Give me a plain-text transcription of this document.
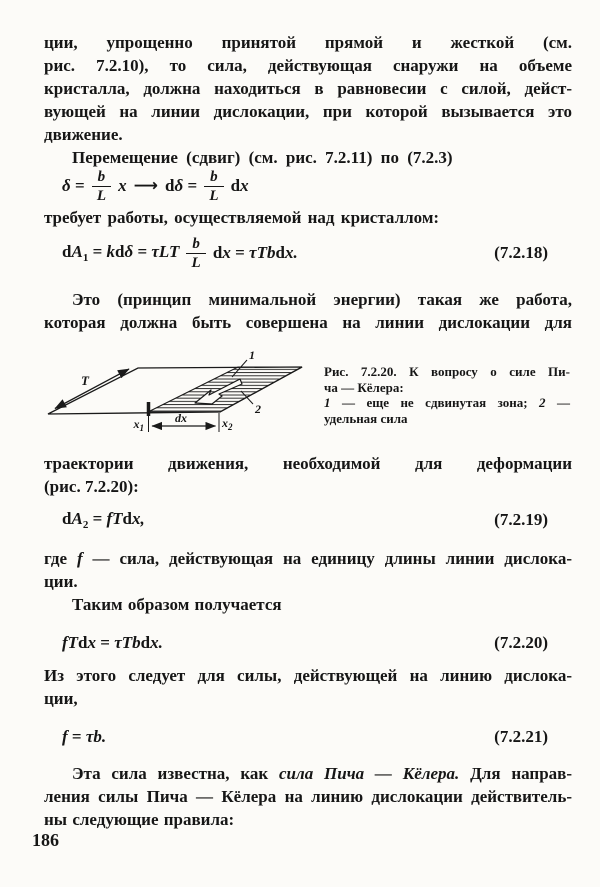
ции, упрощенно принятой прямой и жесткой (см.
рис. 7.2.10), то сила, действующая снаружи на объеме
кристалла, должна находиться в равновесии с силой, дейст-
вующей на линии дислокации, при которой вызывается это
движение.
Перемещение (сдвиг) (см. рис. 7.2.11) по (7.2.3)
$\delta = \frac{b}{L}$ x ⟶ $d\delta = \frac{b}{L}$ dx
требует работы, осуществляемой над кристаллом:
$dA_1 = kd\delta = \tau LT \frac{b}{L}$ dx = τTbdx.	(7.2.18)
Это (принцип минимальной энергии) такая же работа,
которая должна быть совершена на линии дислокации для
T
1
2
$x_1$
dx	$x_2$
Рис. 7.2.20. К вопросу о силе Пи-
ча — Кёлера:
1 — еще не сдвинутая зона; 2 —
удельная сила
траектории движения, необходимой для деформации
(рис. 7.2.20):
$dA_2$ = fTdx,	(7.2.19)
где f — сила, действующая на единицу длины линии дислока-
ции.
Таким образом получается
fTdx = τTbdx.	(7.2.20)
Из этого следует для силы, действующей на линию дислока-
ции,
f = τb.	(7.2.21)
Эта сила известна, как сила Пича — Кёлера. Для направ-
ления силы Пича — Кёлера на линию дислокации действитель-
ны следующие правила:
186
